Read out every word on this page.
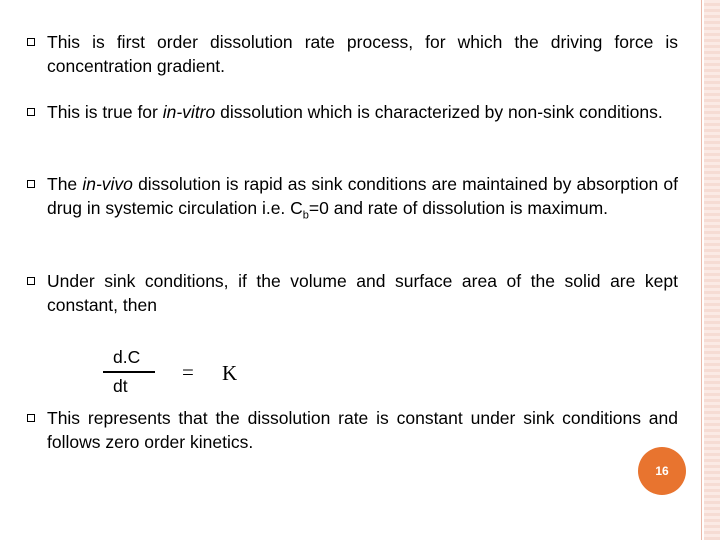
This is first order dissolution rate process, for which the driving force is concentration gradient.
This is true for in-vitro dissolution which is characterized by non-sink conditions.
The in-vivo dissolution is rapid as sink conditions are maintained by absorption of drug in systemic circulation i.e. $C_b=0$ and rate of dissolution is maximum.
Under sink conditions, if the volume and surface area of the solid are kept constant, then
d.C
dt
= K
This represents that the dissolution rate is constant under sink conditions and follows zero order kinetics.
16
